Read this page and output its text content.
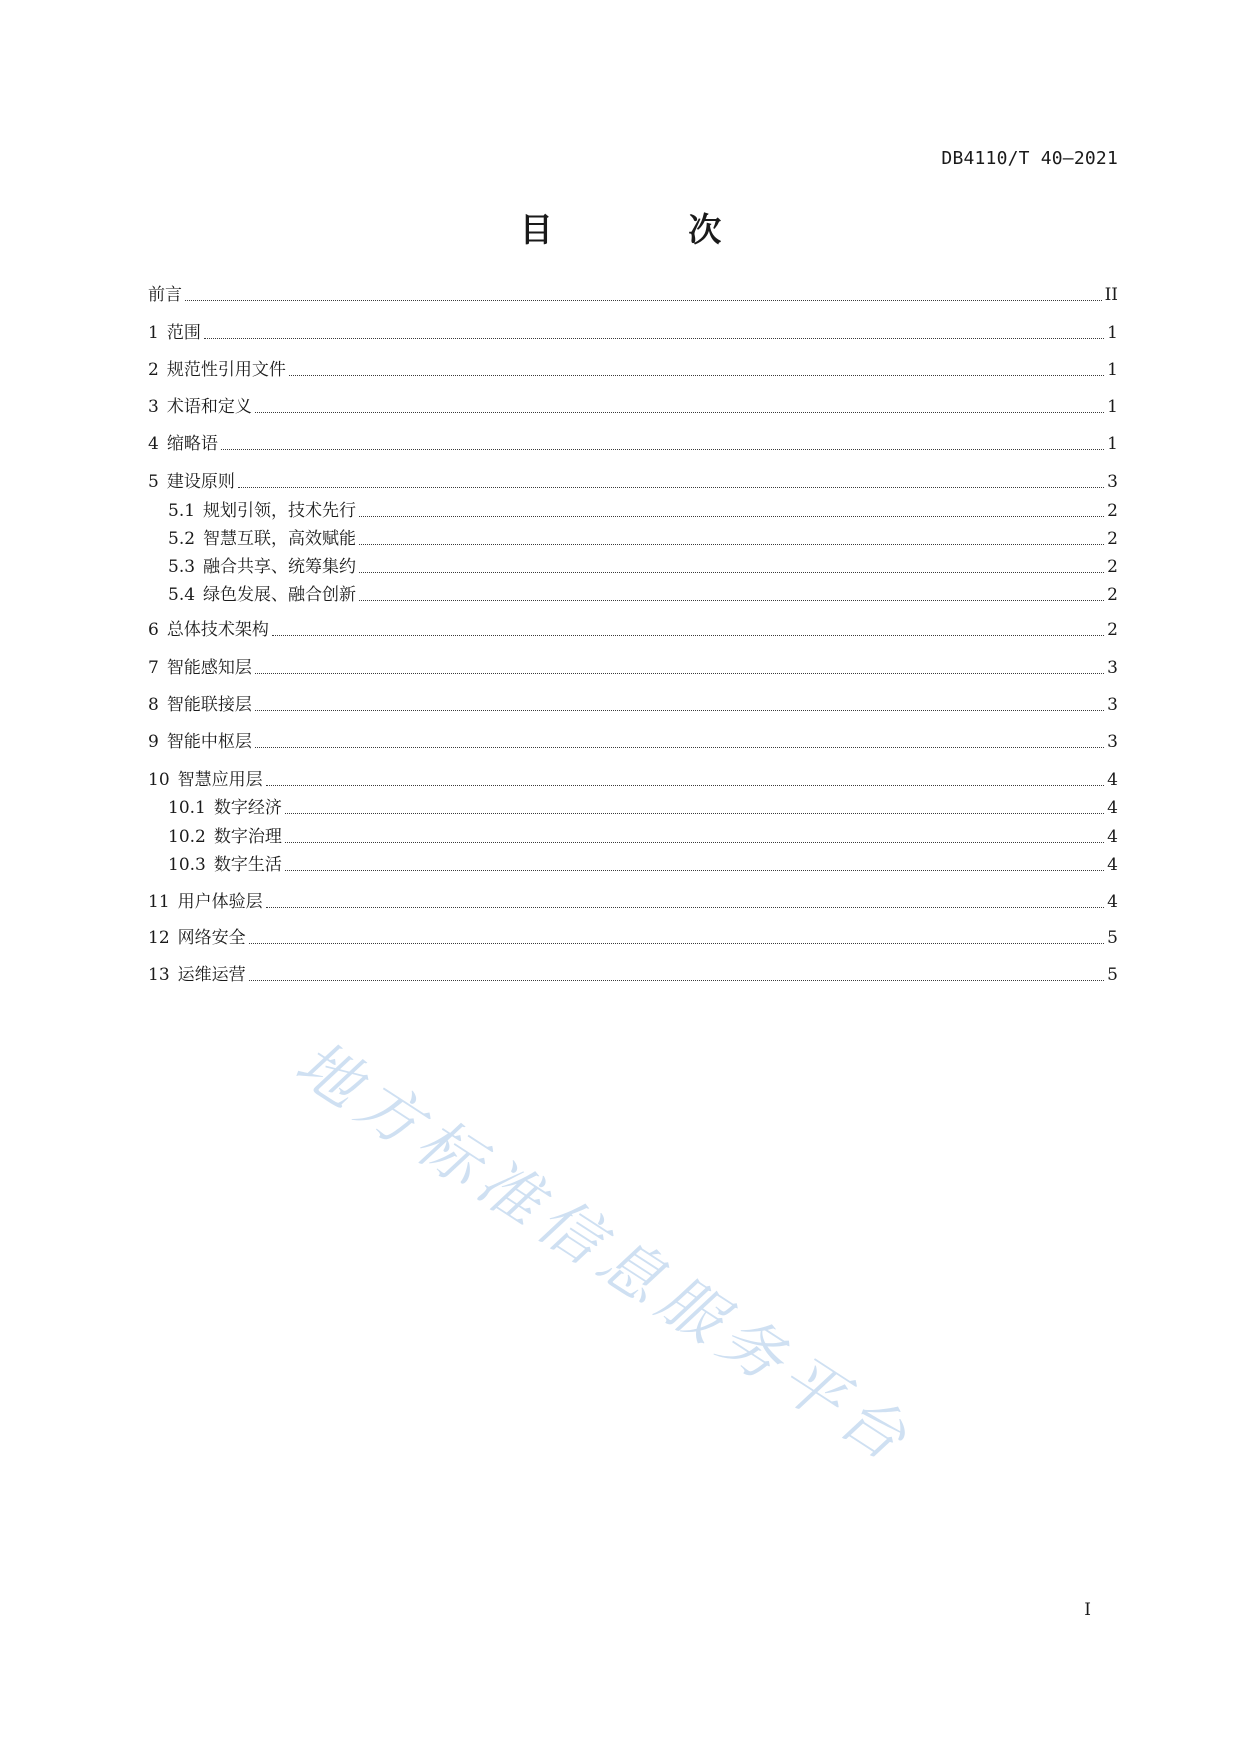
DB4110/T 40—2021
目 次
前言	II
1 范围	1
2 规范性引用文件	1
3 术语和定义	1
4 缩略语	1
5 建设原则	3
5.1 规划引领，技术先行	2
5.2 智慧互联，高效赋能	2
5.3 融合共享、统筹集约	2
5.4 绿色发展、融合创新	2
6 总体技术架构	2
7 智能感知层	3
8 智能联接层	3
9 智能中枢层	3
10 智慧应用层	4
10.1 数字经济	4
10.2 数字治理	4
10.3 数字生活	4
11 用户体验层	4
12 网络安全	5
13 运维运营	5
I
地方标准信息服务平台
